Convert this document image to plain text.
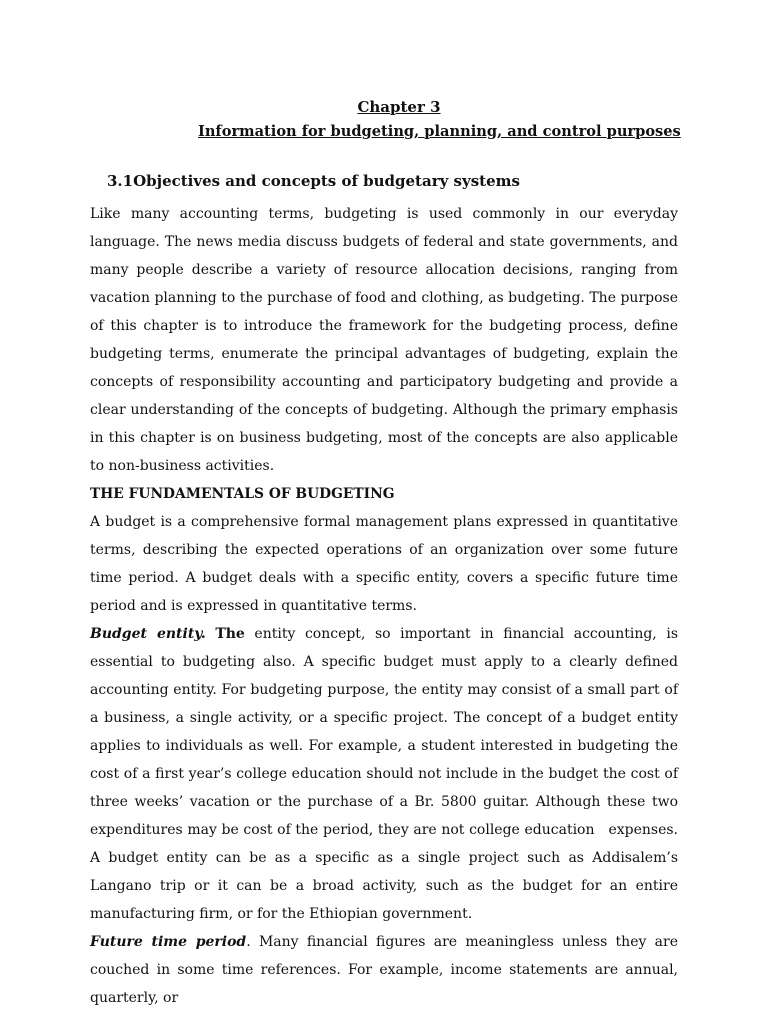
Chapter 3
Information for budgeting, planning, and control purposes
3.1Objectives and concepts of budgetary systems

Like many accounting terms, budgeting is used commonly in our everyday language. The news media discuss budgets of federal and state governments, and many people describe a variety of resource allocation decisions, ranging from vacation planning to the purchase of food and clothing, as budgeting. The purpose of this chapter is to introduce the framework for the budgeting process, define budgeting terms, enumerate the principal advantages of budgeting, explain the concepts of responsibility accounting and participatory budgeting and provide a clear understanding of the concepts of budgeting. Although the primary emphasis in this chapter is on business budgeting, most of the concepts are also applicable to non-business activities.

THE FUNDAMENTALS OF BUDGETING

A budget is a comprehensive formal management plans expressed in quantitative terms, describing the expected operations of an organization over some future time period. A budget deals with a specific entity, covers a specific future time period and is expressed in quantitative terms.

Budget entity. The entity concept, so important in financial accounting, is essential to budgeting also. A specific budget must apply to a clearly defined accounting entity. For budgeting purpose, the entity may consist of a small part of a business, a single activity, or a specific project. The concept of a budget entity applies to individuals as well. For example, a student interested in budgeting the cost of a first year’s college education should not include in the budget the cost of three weeks’ vacation or the purchase of a Br. 5800 guitar. Although these two expenditures may be cost of the period, they are not college education   expenses. A budget entity can be as a specific as a single project such as Addisalem’s Langano trip or it can be a broad activity, such as the budget for an entire manufacturing firm, or for the Ethiopian government.

Future time period. Many financial figures are meaningless unless they are couched in some time references. For example, income statements are annual, quarterly, or
